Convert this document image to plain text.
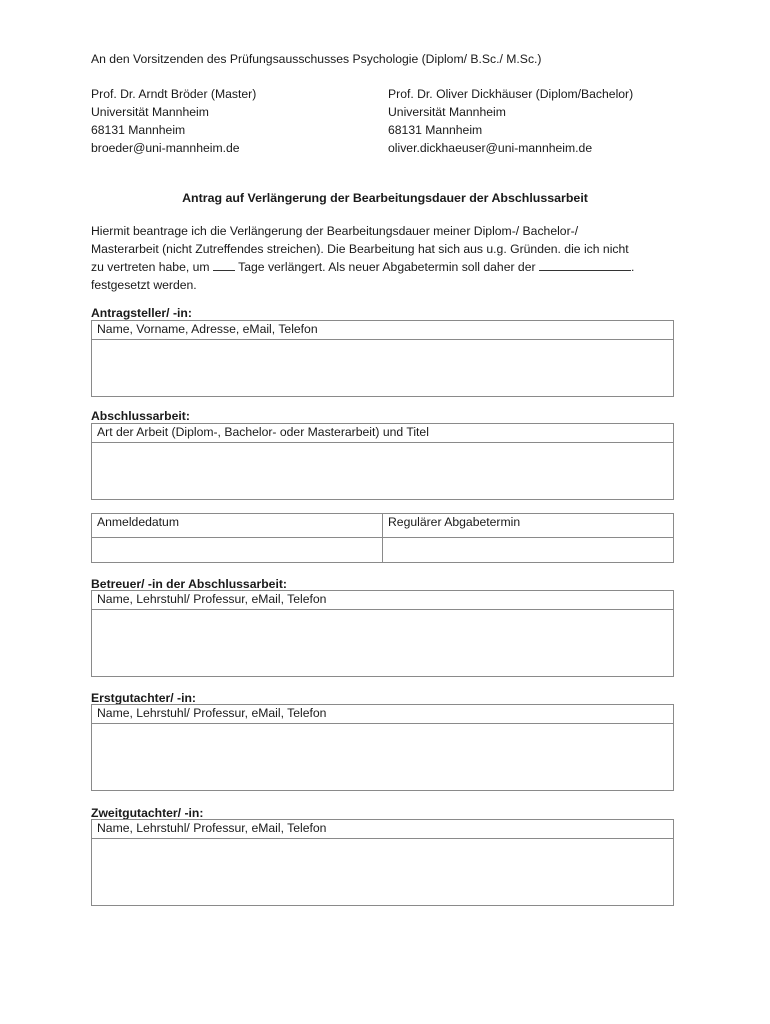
An den Vorsitzenden des Prüfungsausschusses Psychologie (Diplom/ B.Sc./ M.Sc.)
Prof. Dr. Arndt Bröder (Master)
Universität Mannheim
68131 Mannheim
broeder@uni-mannheim.de
Prof. Dr. Oliver Dickhäuser (Diplom/Bachelor)
Universität Mannheim
68131 Mannheim
oliver.dickhaeuser@uni-mannheim.de
Antrag auf Verlängerung der Bearbeitungsdauer der Abschlussarbeit
Hiermit beantrage ich die Verlängerung der Bearbeitungsdauer meiner Diplom-/ Bachelor-/
Masterarbeit (nicht Zutreffendes streichen). Die Bearbeitung hat sich aus u.g. Gründen. die ich nicht
zu vertreten habe, um Tage verlängert. Als neuer Abgabetermin soll daher der	.
festgesetzt werden.
Antragsteller/ -in:
Name, Vorname, Adresse, eMail, Telefon
Abschlussarbeit:
Art der Arbeit (Diplom-, Bachelor- oder Masterarbeit) und Titel
Anmeldedatum	Regulärer Abgabetermin
Betreuer/ -in der Abschlussarbeit:
Name, Lehrstuhl/ Professur, eMail, Telefon
Erstgutachter/ -in:
Name, Lehrstuhl/ Professur, eMail, Telefon
Zweitgutachter/ -in:
Name, Lehrstuhl/ Professur, eMail, Telefon
